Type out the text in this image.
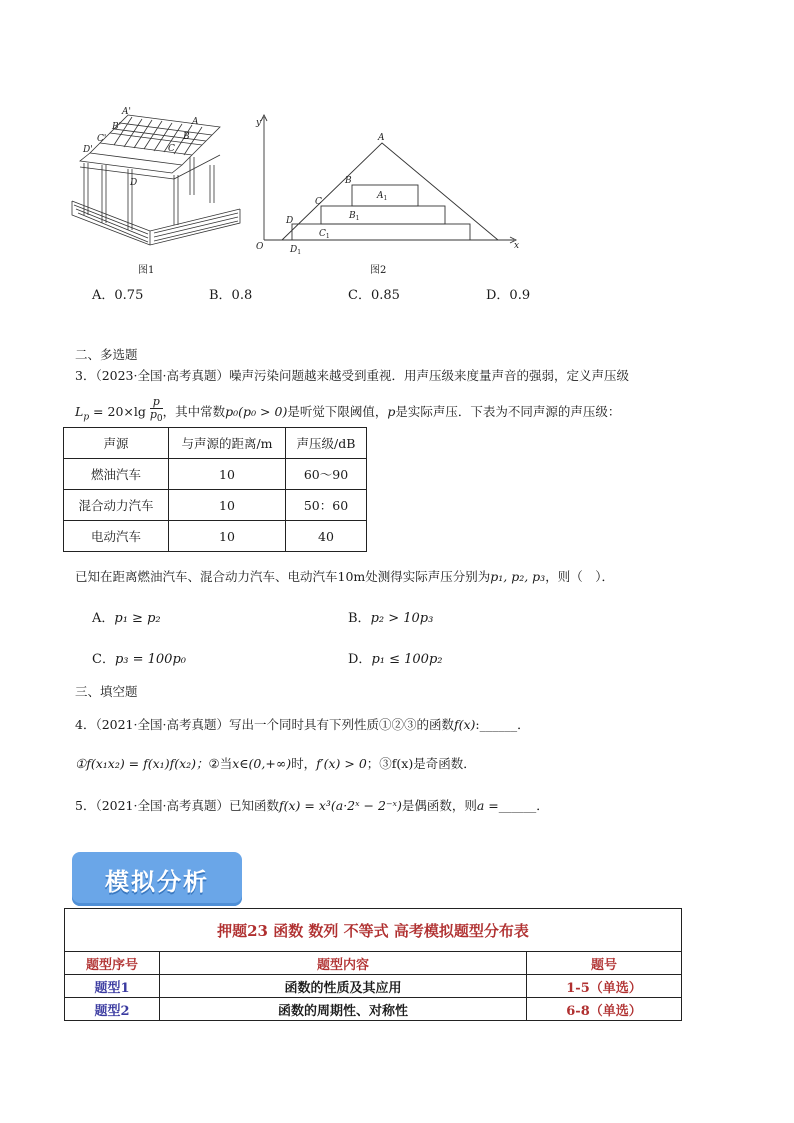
A'
B'
C'
D'
A
B
C
D
图1
y
x
O
A
B
C
D
$A_1$
$B_1$
$C_1$
$D_1$
图2
A．0.75	B．0.8	C．0.85	D．0.9
二、多选题
3．（2023·全国·高考真题）噪声污染问题越来越受到重视．用声压级来度量声音的强弱，定义声压级
$L_p = 20\times\lg \frac{p}{p_0}$ ，其中常数p₀(p₀ > 0)是听觉下限阈值，p是实际声压．下表为不同声源的声压级：
声源	与声源的距离/m	声压级/dB
燃油汽车	10	60～90
混合动力汽车	10	50：60
电动汽车	10	40
已知在距离燃油汽车、混合动力汽车、电动汽车10m处测得实际声压分别为p₁, p₂, p₃，则（　）．
A．p₁ ≥ p₂	B．p₂ > 10p₃
C．p₃ = 100p₀	D．p₁ ≤ 100p₂
三、填空题
4．（2021·全国·高考真题）写出一个同时具有下列性质①②③的函数f(x):______．
①f(x₁x₂) = f(x₁)f(x₂)；②当x∈(0,+∞)时，f′(x) > 0；③f(x)是奇函数．
5．（2021·全国·高考真题）已知函数f(x) = x³(a·2ˣ − 2⁻ˣ)是偶函数，则a =______．
模拟分析
押题23 函数 数列 不等式 高考模拟题型分布表		
题型序号	题型内容	题号
题型1	函数的性质及其应用	1-5（单选）
题型2	函数的周期性、对称性	6-8（单选）
